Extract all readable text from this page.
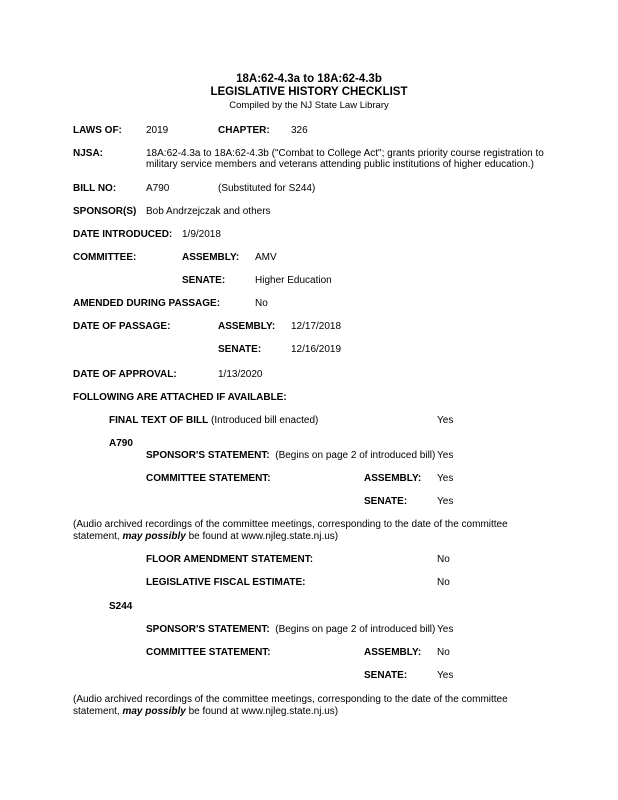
18A:62-4.3a to 18A:62-4.3b
LEGISLATIVE HISTORY CHECKLIST
Compiled by the NJ State Law Library
LAWS OF: 2019	CHAPTER: 326
NJSA:	18A:62-4.3a to 18A:62-4.3b ("Combat to College Act"; grants priority course registration to
military service members and veterans attending public institutions of higher education.)
BILL NO:	A790	(Substituted for S244)
SPONSOR(S) Bob Andrzejczak and others
DATE INTRODUCED: 1/9/2018
COMMITTEE:	ASSEMBLY: AMV
SENATE:	Higher Education
AMENDED DURING PASSAGE:	No
DATE OF PASSAGE:	ASSEMBLY: 12/17/2018
SENATE:	12/16/2019
DATE OF APPROVAL:	1/13/2020
FOLLOWING ARE ATTACHED IF AVAILABLE:
FINAL TEXT OF BILL (Introduced bill enacted)	Yes
A790
SPONSOR'S STATEMENT: (Begins on page 2 of introduced bill) Yes
COMMITTEE STATEMENT:	ASSEMBLY: Yes
SENATE:	Yes
(Audio archived recordings of the committee meetings, corresponding to the date of the committee
statement, may possibly be found at www.njleg.state.nj.us)
FLOOR AMENDMENT STATEMENT:	No
LEGISLATIVE FISCAL ESTIMATE:	No
S244
SPONSOR'S STATEMENT: (Begins on page 2 of introduced bill) Yes
COMMITTEE STATEMENT:	ASSEMBLY: No
SENATE:	Yes
(Audio archived recordings of the committee meetings, corresponding to the date of the committee
statement, may possibly be found at www.njleg.state.nj.us)
